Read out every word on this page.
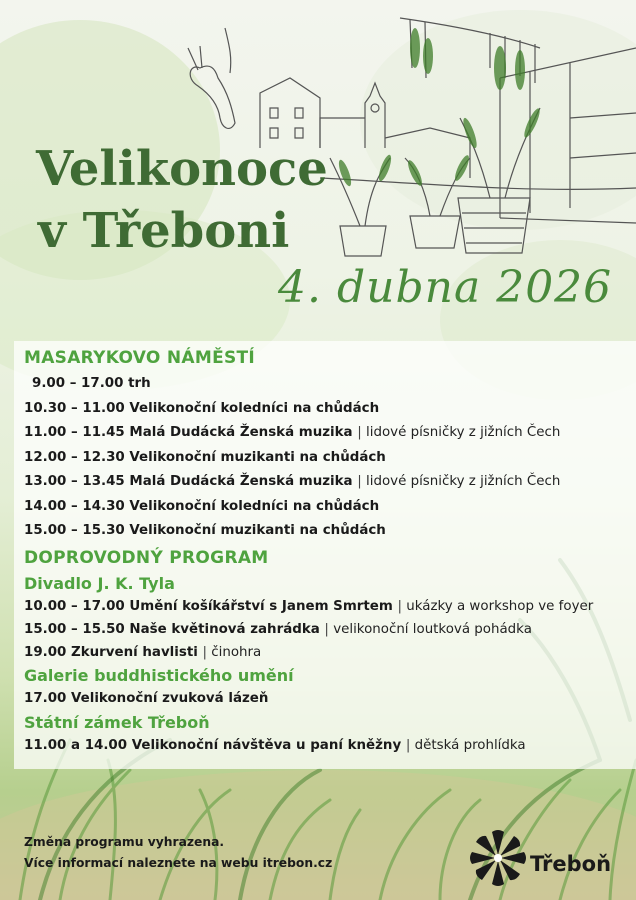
Velikonoce
v Třeboni
4. dubna 2026
MASARYKOVO NÁMĚSTÍ
9.00 – 17.00 trh
10.30 – 11.00 Velikonoční koledníci na chůdách
11.00 – 11.45 Malá Dudácká Ženská muzika | lidové písničky z jižních Čech
12.00 – 12.30 Velikonoční muzikanti na chůdách
13.00 – 13.45 Malá Dudácká Ženská muzika | lidové písničky z jižních Čech
14.00 – 14.30 Velikonoční koledníci na chůdách
15.00 – 15.30 Velikonoční muzikanti na chůdách
DOPROVODNÝ PROGRAM
Divadlo J. K. Tyla
10.00 – 17.00 Umění košíkářství s Janem Smrtem | ukázky a workshop ve foyer
15.00 – 15.50 Naše květinová zahrádka | velikonoční loutková pohádka
19.00 Zkurvení havlisti | činohra
Galerie buddhistického umění
17.00 Velikonoční zvuková lázeň
Státní zámek Třeboň
11.00 a 14.00 Velikonoční návštěva u paní kněžny | dětská prohlídka
Změna programu vyhrazena.
Více informací naleznete na webu itrebon.cz	Třeboň
